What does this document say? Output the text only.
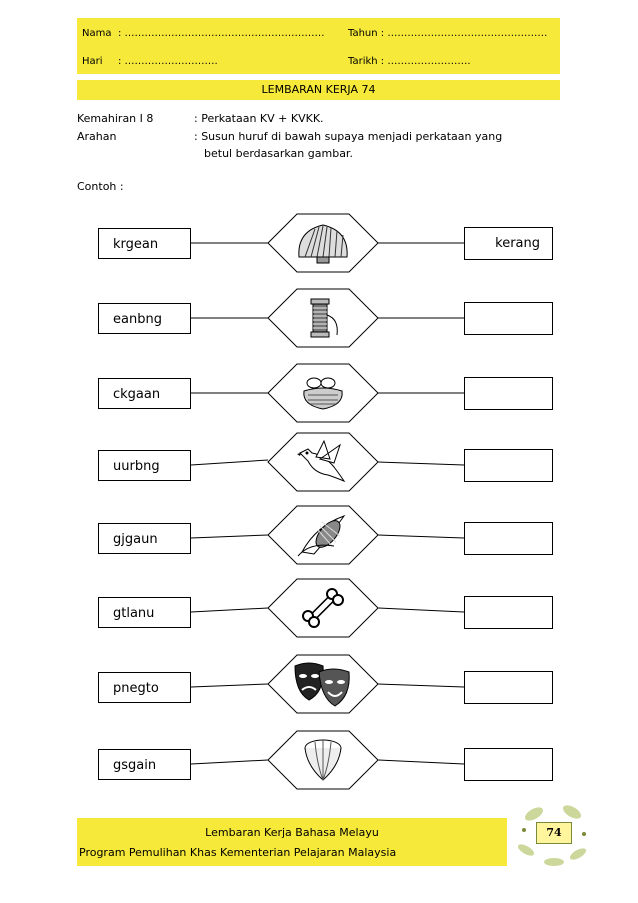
Nama : …………………………………………………… Tahun : …………………………………………
Hari : ……………………….	Tarikh : …………………….
LEMBARAN KERJA 74
Kemahiran I 8	: Perkataan KV + KVKK.
Arahan	: Susun huruf di bawah supaya menjadi perkataan yang
betul berdasarkan gambar.
Contoh :
krgean	kerang
eanbng
ckgaan
uurbng
gjgaun
gtlanu
pnegto
gsgain
Lembaran Kerja Bahasa Melayu
Program Pemulihan Khas Kementerian Pelajaran Malaysia
74
